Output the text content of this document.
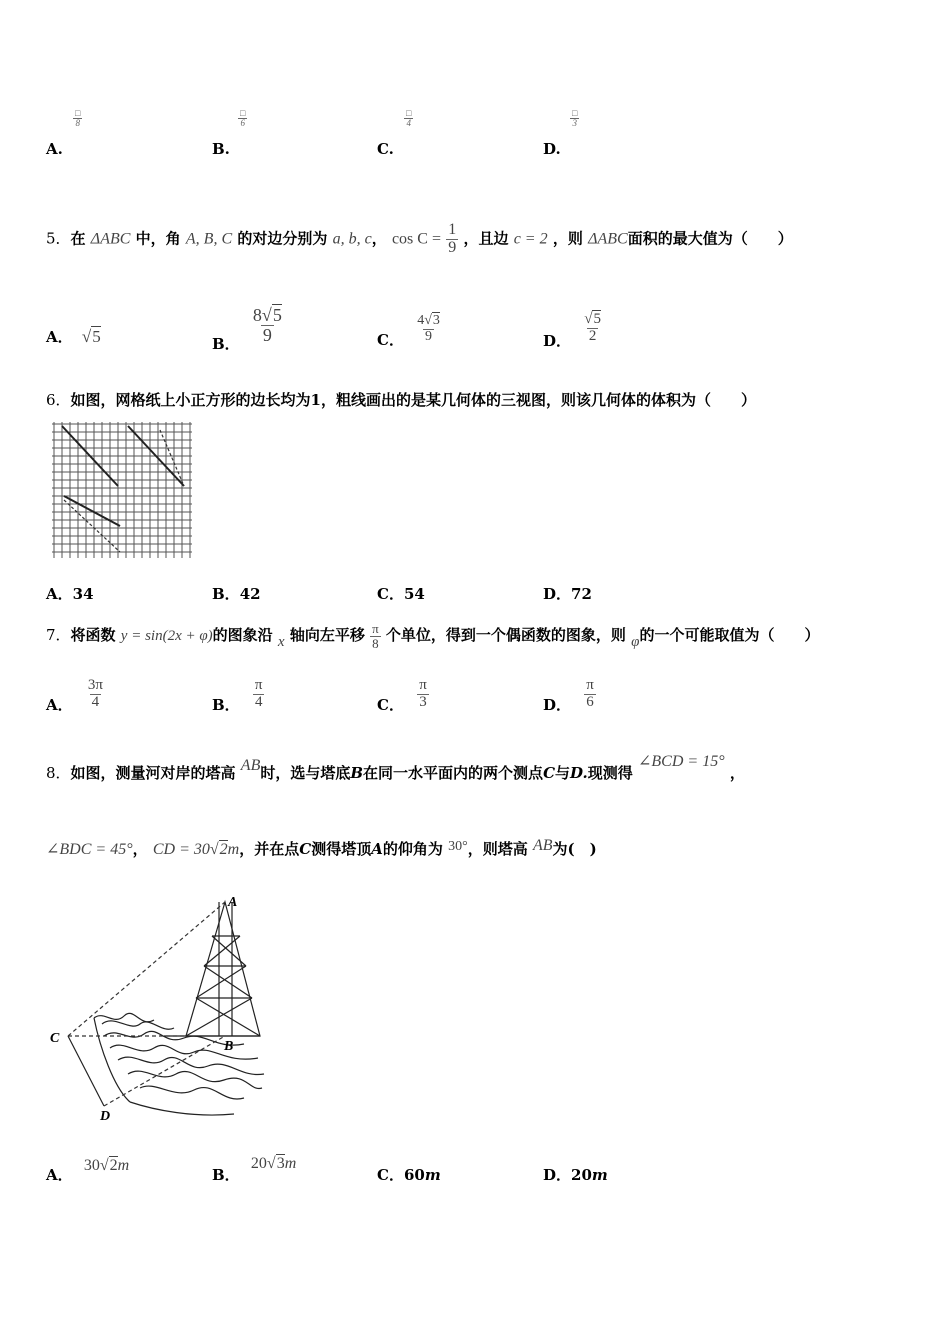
A.
$\frac{□}{8}$
B.
$\frac{□}{6}$
C.
$\frac{□}{4}$
D.
$\frac{□}{3}$
5．在 ΔABC 中，角 A, B, C 的对边分别为 a, b, c， $\cos C = \frac{1}{9}$ ，且边 c = 2 ，则 ΔABC面积的最大值为（　　）
A． √5	B． $\frac{8√5}{9}$	C． $\frac{4√3}{9}$	D． $\frac{√5}{2}$
6．如图，网格纸上小正方形的边长均为1，粗线画出的是某几何体的三视图，则该几何体的体积为（　　）
A．34	B．42	C．54	D．72
7．将函数 y = sin(2x + φ)的图象沿 x 轴向左平移 $\frac{\pi}{8}$ 个单位，得到一个偶函数的图象，则 φ的一个可能取值为（　　）
A． $\frac{3\pi}{4}$	B． $\frac{\pi}{4}$	C． $\frac{\pi}{3}$	D． $\frac{\pi}{6}$
8．如图，测量河对岸的塔高 AB时，选与塔底B在同一水平面内的两个测点C与D.现测得 ∠BCD = 15° ，
∠BDC = 45°， CD = 30√2m，并在点C测得塔顶A的仰角为 30°，则塔高 AB为(　)
A
B
C
D
A． 30√2m
B． 20√3m
C．60m	D．20m
